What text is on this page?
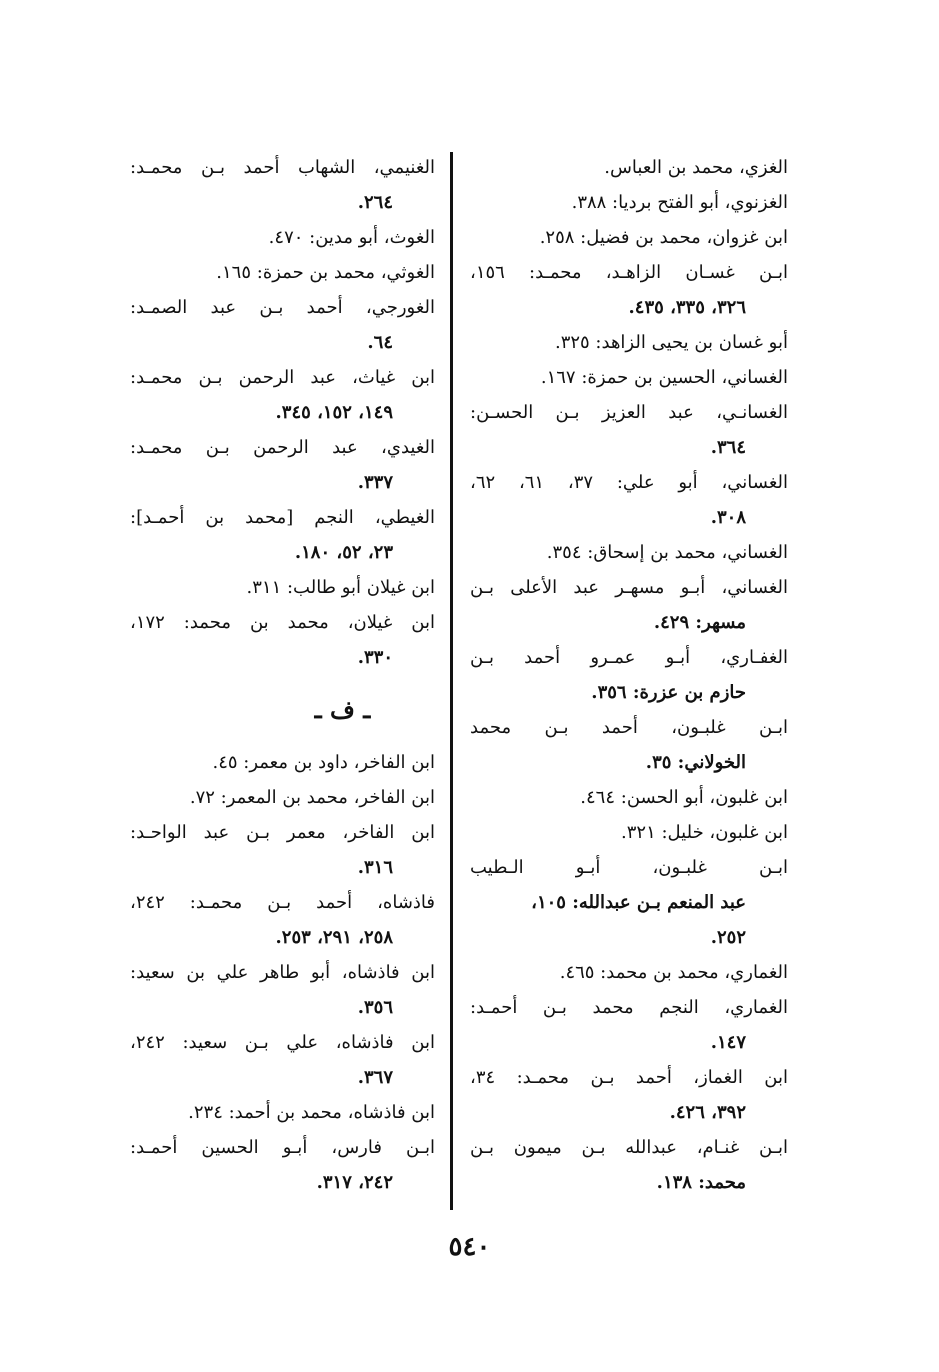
الغزي، محمد بن العباس.
الغزنوي، أبو الفتح برديا: ٣٨٨.
ابن غزوان، محمد بن فضيل: ٢٥٨.
ابـن غسـان الزاهـد، محمـد: ١٥٦،
٣٢٦، ٣٣٥، ٤٣٥.
أبو غسان بن يحيى الزاهد: ٣٢٥.
الغساني، الحسين بن حمزة: ١٦٧.
الغسانـي، عبد العزيز بـن الحسـن:
٣٦٤.
الغساني، أبو علي: ٣٧، ٦١، ٦٢،
٣٠٨.
الغساني، محمد بن إسحاق: ٣٥٤.
الغساني، أبـو مسهـر عبد الأعلى بـن
مسهر: ٤٢٩.
الغفـاري، أبـو عمـرو أحمد بـن
حازم بن عزرة: ٣٥٦.
ابـن غلبـون، أحمد بـن محمد
الخولاني: ٣٥.
ابن غلبون، أبو الحسن: ٤٦٤.
ابن غلبون، خليل: ٣٢١.
ابـن غلبـون، أبـو الـطيب
عبد المنعم بـن عبدالله: ١٠٥،
٢٥٢.
الغماري، محمد بن محمد: ٤٦٥.
الغماري، النجم محمد بـن أحمـد:
١٤٧.
ابن الغماز، أحمد بـن محمـد: ٣٤،
٣٩٢، ٤٢٦.
ابـن غنـام، عبدالله بـن ميمون بـن
محمد: ١٣٨.
الغنيمي، الشهاب أحمد بـن محمـد:
٢٦٤.
الغوث، أبو مدين: ٤٧٠.
الغوثي، محمد بن حمزة: ١٦٥.
الغورجي، أحمد بـن عبد الصمـد:
٦٤.
ابن غياث، عبد الرحمن بـن محمـد:
١٤٩، ١٥٢، ٣٤٥.
الغيدي، عبد الرحمن بـن محمـد:
٣٣٧.
الغيطي، النجم [محمد بن أحمـد]:
٢٣، ٥٢، ١٨٠.
ابن غيلان أبو طالب: ٣١١.
ابن غيلان، محمد بن محمد: ١٧٢،
٣٣٠.
ـ ف ـ
ابن الفاخر، داود بن معمر: ٤٥.
ابن الفاخر، محمد بن المعمر: ٧٢.
ابن الفاخر، معمر بـن عبد الواحـد:
٣١٦.
فاذشاه، أحمد بـن محمـد: ٢٤٢،
٢٥٨، ٢٩١، ٢٥٣.
ابن فاذشاه، أبو طاهر علي بن سعيد:
٣٥٦.
ابن فاذشاه، علي بـن سعيد: ٢٤٢،
٣٦٧.
ابن فاذشاه، محمد بن أحمد: ٢٣٤.
ابـن فارس، أبـو الحسين أحمـد:
٢٤٢، ٣١٧.
٥٤٠
